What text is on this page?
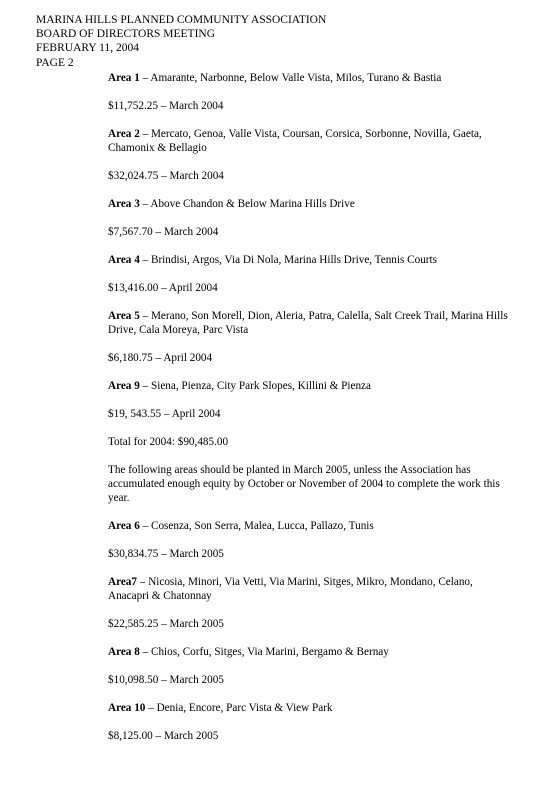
MARINA HILLS PLANNED COMMUNITY ASSOCIATION
BOARD OF DIRECTORS MEETING
FEBRUARY 11, 2004
PAGE 2

Area 1 – Amarante, Narbonne, Below Valle Vista, Milos, Turano & Bastia

$11,752.25 – March 2004

Area 2 – Mercato, Genoa, Valle Vista, Coursan, Corsica, Sorbonne, Novilla, Gaeta, Chamonix & Bellagio

$32,024.75 – March 2004

Area 3 – Above Chandon & Below Marina Hills Drive

$7,567.70 – March 2004

Area 4 – Brindisi, Argos, Via Di Nola, Marina Hills Drive, Tennis Courts

$13,416.00 – April 2004

Area 5 – Merano, Son Morell, Dion, Aleria, Patra, Calella, Salt Creek Trail, Marina Hills Drive, Cala Moreya, Parc Vista

$6,180.75 – April 2004

Area 9 – Siena, Pienza, City Park Slopes, Killini & Pienza

$19, 543.55 – April 2004

Total for 2004: $90,485.00

The following areas should be planted in March 2005, unless the Association has accumulated enough equity by October or November of 2004 to complete the work this year.

Area 6 – Cosenza, Son Serra, Malea, Lucca, Pallazo, Tunis

$30,834.75 – March 2005

Area7 – Nicosia, Minori, Via Vetti, Via Marini, Sitges, Mikro, Mondano, Celano, Anacapri & Chatonnay

$22,585.25 – March 2005

Area 8 – Chios, Corfu, Sitges, Via Marini, Bergamo & Bernay

$10,098.50 – March 2005

Area 10 – Denia, Encore, Parc Vista & View Park

$8,125.00 – March 2005
